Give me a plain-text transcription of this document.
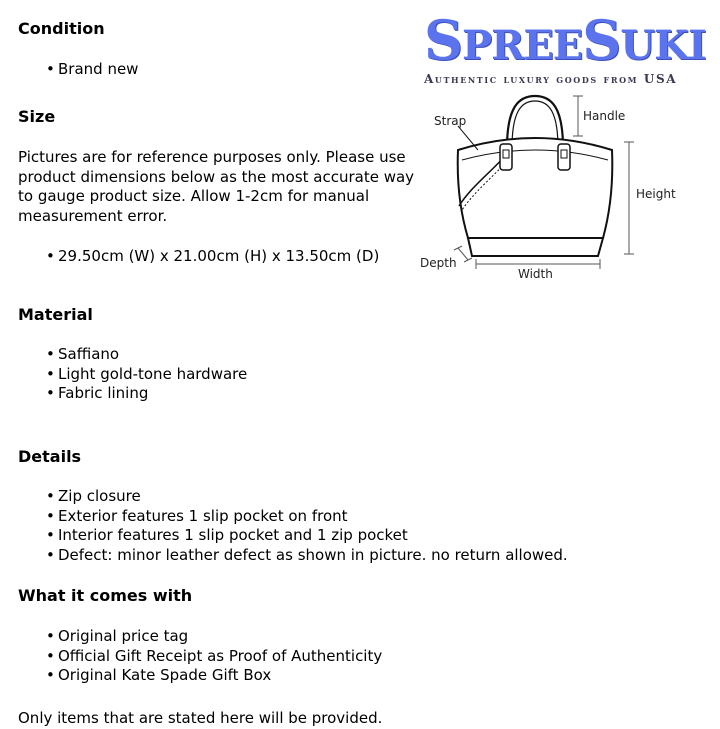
SPREESUKI
Authentic luxury goods from USA
Strap	Handle
Height
Depth
Width
Condition
• Brand new
Size
Pictures are for reference purposes only. Please use product dimensions below as the most accurate way to gauge product size. Allow 1-2cm for manual measurement error.
• 29.50cm (W) x 21.00cm (H) x 13.50cm (D)
Material
• Saffiano
• Light gold-tone hardware
• Fabric lining
Details
• Zip closure
• Exterior features 1 slip pocket on front
• Interior features 1 slip pocket and 1 zip pocket
• Defect: minor leather defect as shown in picture. no return allowed.
What it comes with
• Original price tag
• Official Gift Receipt as Proof of Authenticity
• Original Kate Spade Gift Box
Only items that are stated here will be provided.
